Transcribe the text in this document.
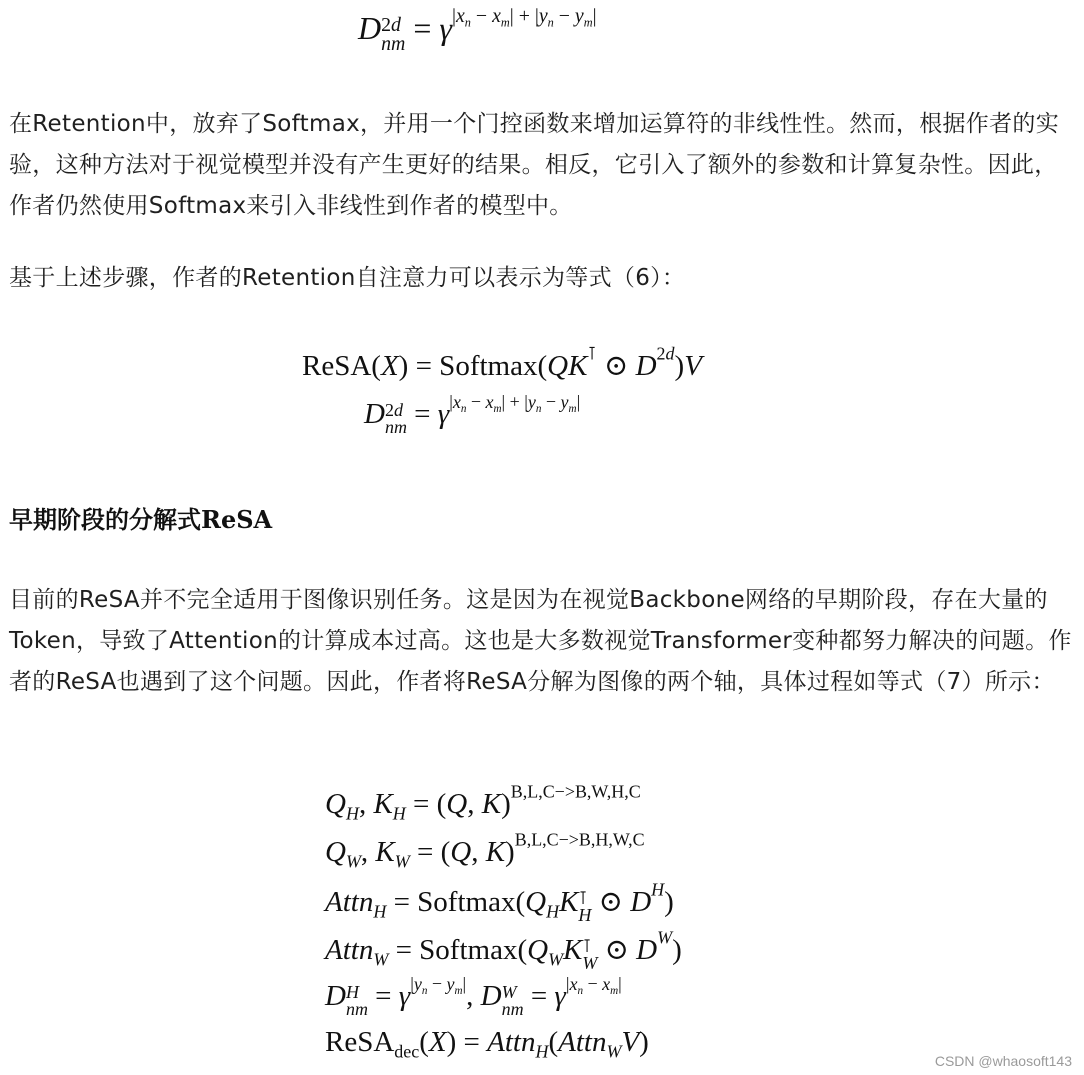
D 2d
nm = $\gamma^{|x_n - x_m| + |y_n - y_m|}$

在Retention中，放弃了Softmax，并用一个门控函数来增加运算符的非线性性。然而，根据作者的实验，这种方法对于视觉模型并没有产生更好的结果。相反，它引入了额外的参数和计算复杂性。因此，作者仍然使用Softmax来引入非线性到作者的模型中。

基于上述步骤，作者的Retention自注意力可以表示为等式（6）：

ReSA(X) = Softmax(QK⊺ ⊙ $D^{2d})V$
D 2d
nm = $\gamma^{|x_n - x_m| + |y_n - y_m|}$
早期阶段的分解式ReSA

目前的ReSA并不完全适用于图像识别任务。这是因为在视觉Backbone网络的早期阶段，存在大量的Token，导致了Attention的计算成本过高。这也是大多数视觉Transformer变种都努力解决的问题。作者的ReSA也遇到了这个问题。因此，作者将ReSA分解为图像的两个轴，具体过程如等式（7）所示：

$Q_H$, $K_H = (Q$, K)$^{B,L,C->B,W,H,C}$
$Q_W$, $K_W = (Q$, K)$^{B,L,C->B,H,W,C}$
Attn$_H$ = $Softmax(Q_HK$ ⊺
H ⊙ $D^H$)
Attn$_W$ = $Softmax(Q_WK$ ⊺
W ⊙ $D^W$)
D H
nm = $\gamma^{|y_n - y_m|}$, D W
nm = $\gamma^{|x_n - x_m|}$
ReSA$_{dec}$(X) = Attn$_H$(Attn$_W$V)
CSDN @whaosoft143
